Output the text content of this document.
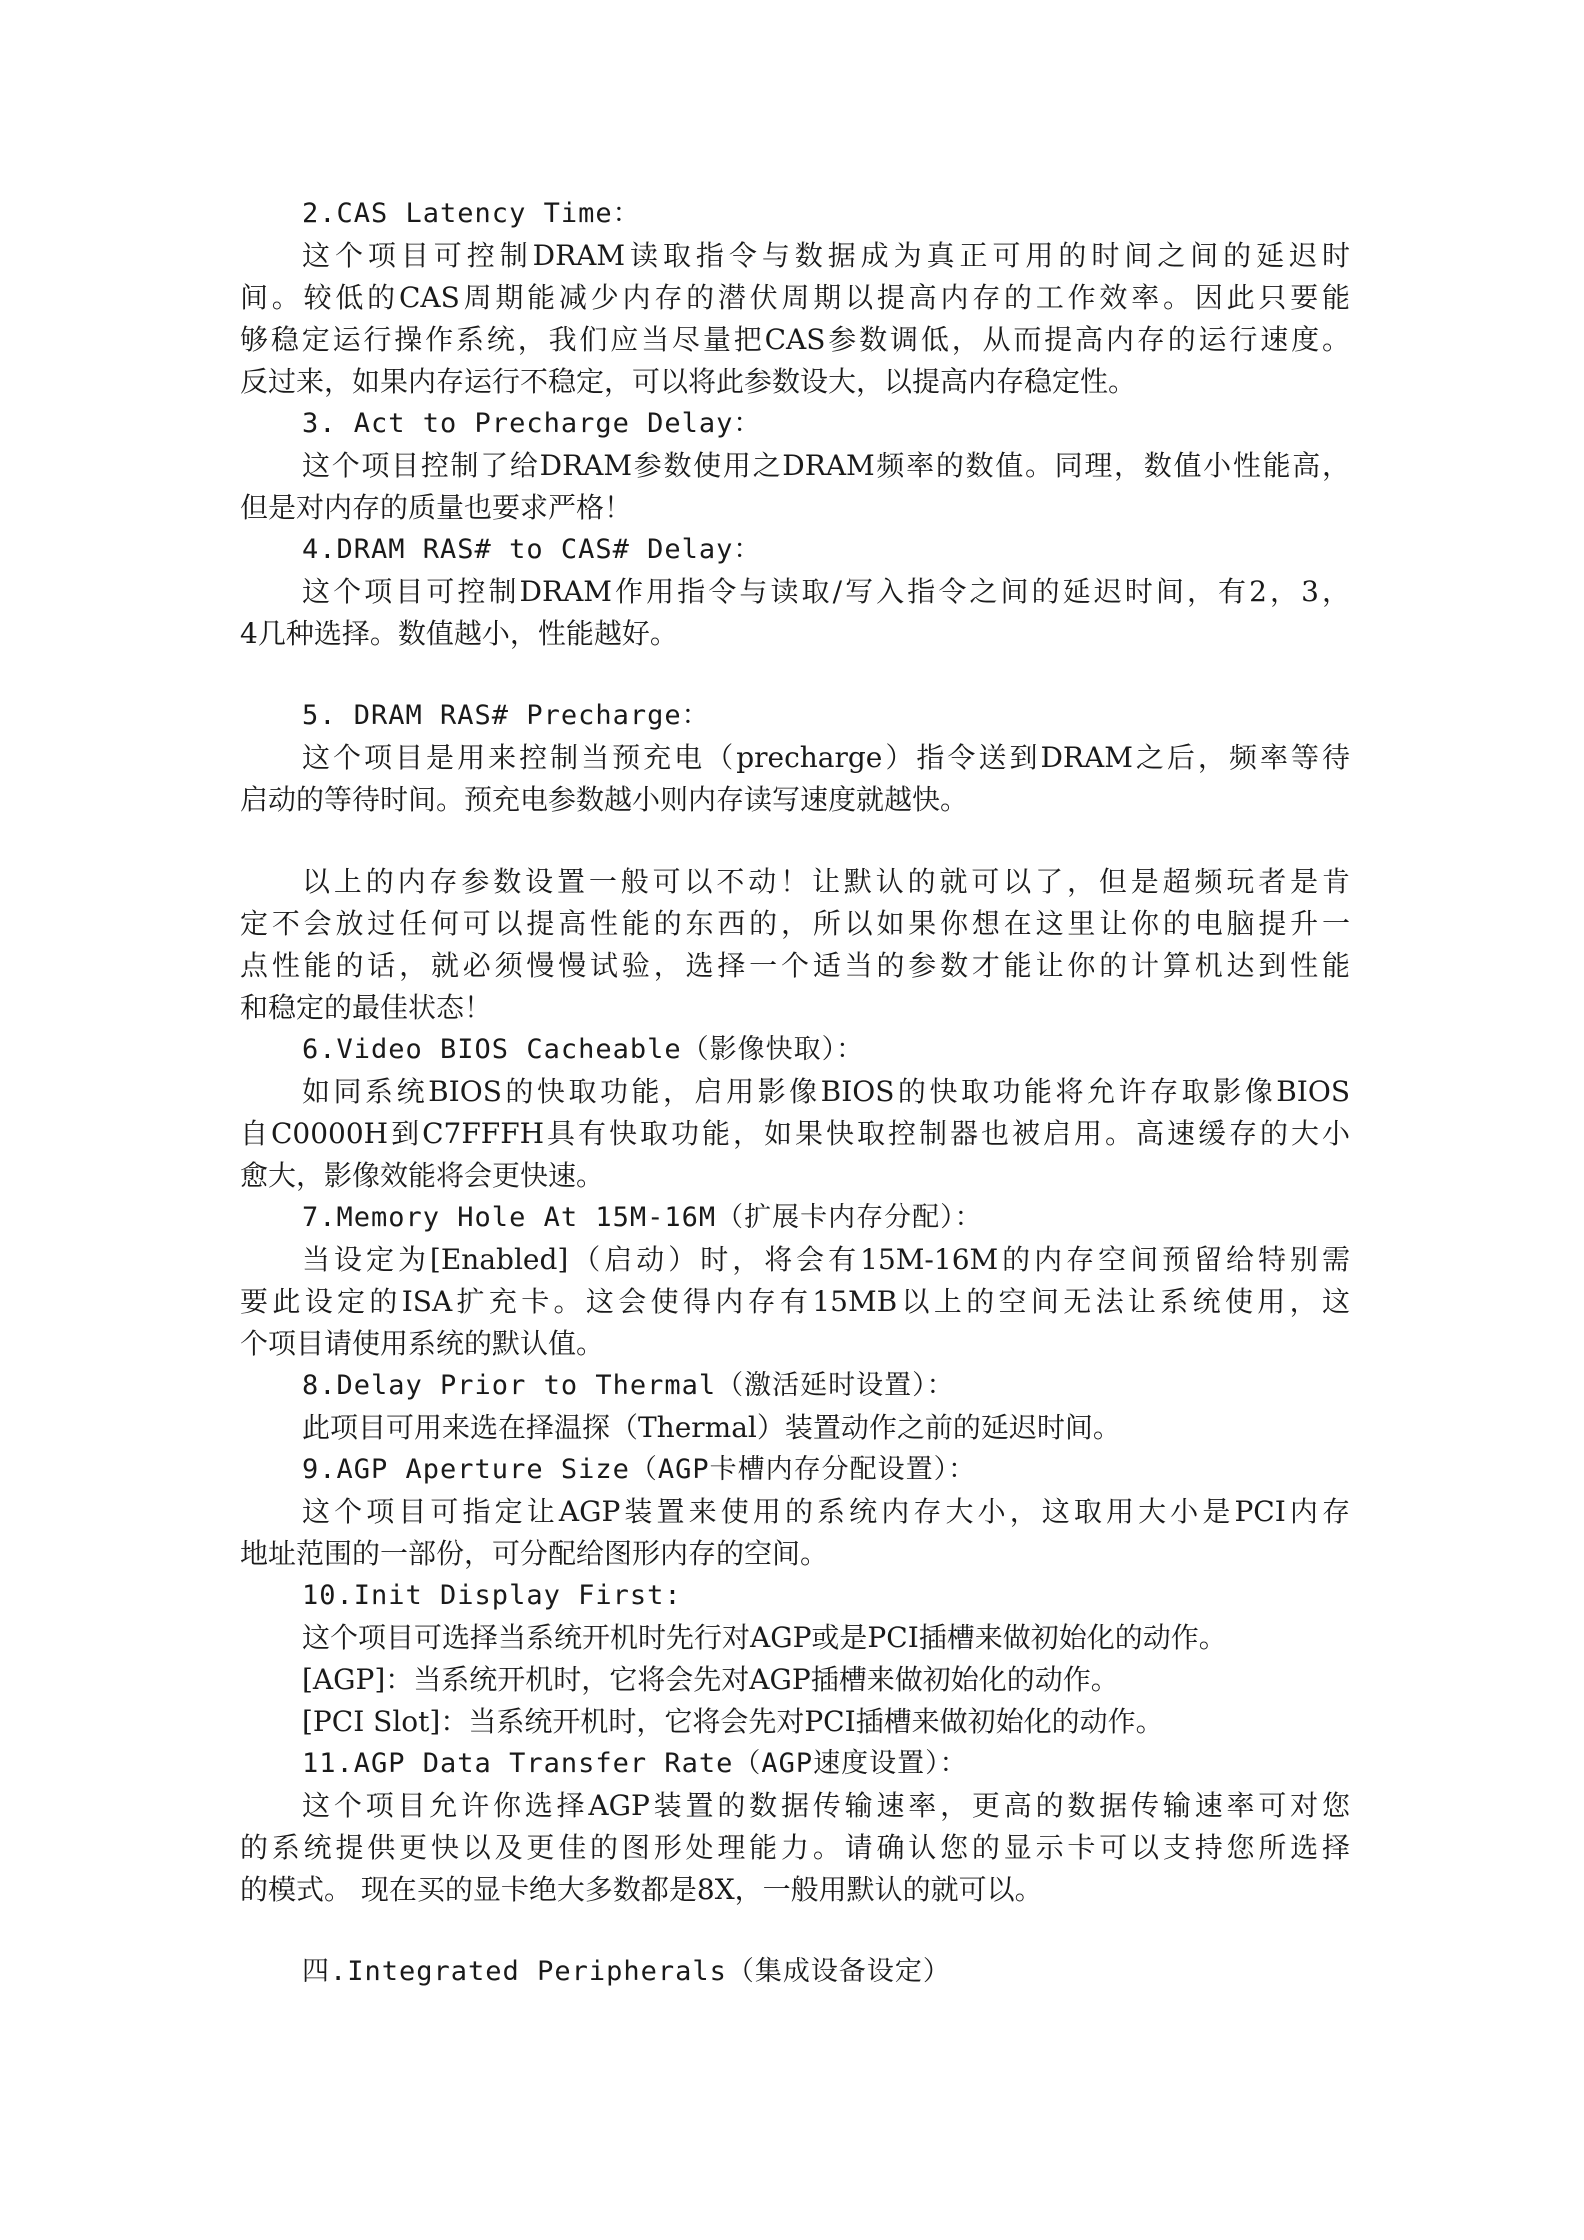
2.CAS Latency Time：

这个项目可控制DRAM读取指令与数据成为真正可用的时间之间的延迟时

间。较低的CAS周期能减少内存的潜伏周期以提高内存的工作效率。因此只要能

够稳定运行操作系统，我们应当尽量把CAS参数调低，从而提高内存的运行速度。

反过来，如果内存运行不稳定，可以将此参数设大，以提高内存稳定性。

3. Act to Precharge Delay：

这个项目控制了给DRAM参数使用之DRAM频率的数值。同理，数值小性能高，

但是对内存的质量也要求严格！

4.DRAM RAS# to CAS# Delay：

这个项目可控制DRAM作用指令与读取/写入指令之间的延迟时间，有2，3，

4几种选择。数值越小，性能越好。

5. DRAM RAS# Precharge：

这个项目是用来控制当预充电（precharge）指令送到DRAM之后，频率等待

启动的等待时间。预充电参数越小则内存读写速度就越快。

以上的内存参数设置一般可以不动！让默认的就可以了，但是超频玩者是肯

定不会放过任何可以提高性能的东西的，所以如果你想在这里让你的电脑提升一

点性能的话，就必须慢慢试验，选择一个适当的参数才能让你的计算机达到性能

和稳定的最佳状态！

6.Video BIOS Cacheable（影像快取）：

如同系统BIOS的快取功能，启用影像BIOS的快取功能将允许存取影像BIOS

自C0000H到C7FFFH具有快取功能，如果快取控制器也被启用。高速缓存的大小

愈大，影像效能将会更快速。

7.Memory Hole At 15M-16M（扩展卡内存分配）：

当设定为[Enabled]（启动）时，将会有15M-16M的内存空间预留给特别需

要此设定的ISA扩充卡。这会使得内存有15MB以上的空间无法让系统使用，这

个项目请使用系统的默认值。

8.Delay Prior to Thermal（激活延时设置）：

此项目可用来选在择温探（Thermal）装置动作之前的延迟时间。

9.AGP Aperture Size（AGP卡槽内存分配设置）：

这个项目可指定让AGP装置来使用的系统内存大小，这取用大小是PCI内存

地址范围的一部份，可分配给图形内存的空间。

10.Init Display First:

这个项目可选择当系统开机时先行对AGP或是PCI插槽来做初始化的动作。

[AGP]：当系统开机时，它将会先对AGP插槽来做初始化的动作。

[PCI Slot]：当系统开机时，它将会先对PCI插槽来做初始化的动作。

11.AGP Data Transfer Rate（AGP速度设置）：

这个项目允许你选择AGP装置的数据传输速率，更高的数据传输速率可对您

的系统提供更快以及更佳的图形处理能力。请确认您的显示卡可以支持您所选择

的模式。 现在买的显卡绝大多数都是8X，一般用默认的就可以。

四.Integrated Peripherals（集成设备设定）
